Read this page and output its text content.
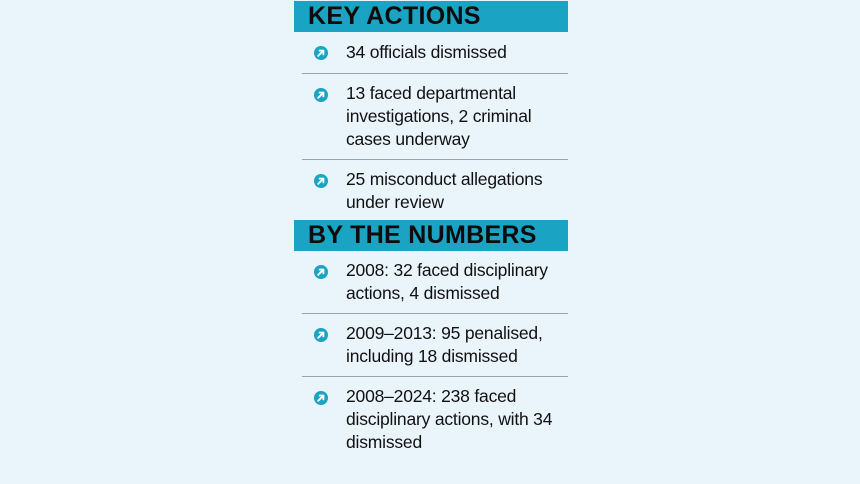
KEY ACTIONS
34 officials dismissed
13 faced departmental investigations, 2 criminal cases underway
25 misconduct allegations under review
BY THE NUMBERS
2008: 32 faced disciplinary actions, 4 dismissed
2009–2013: 95 penalised, including 18 dismissed
2008–2024: 238 faced disciplinary actions, with 34 dismissed
